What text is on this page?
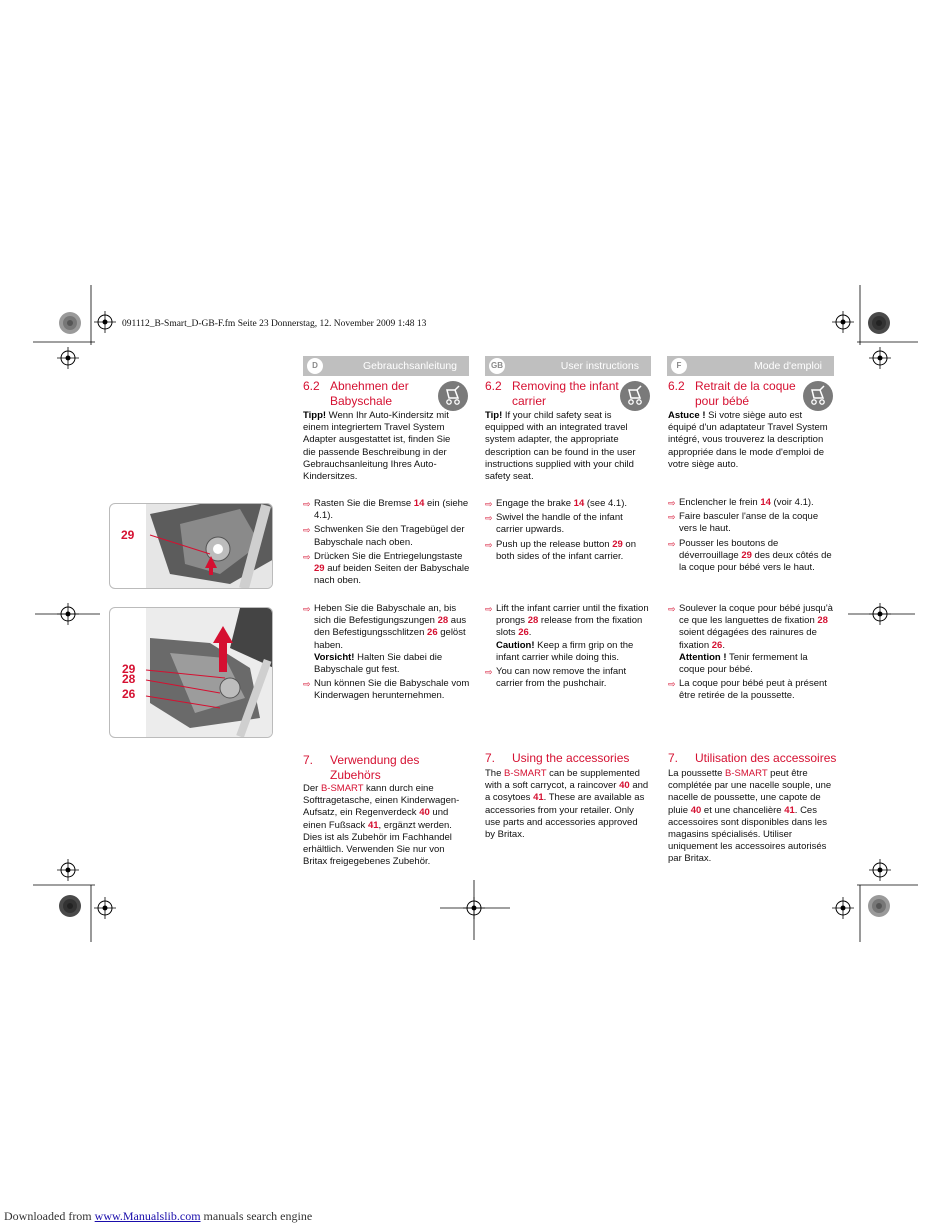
091112_B-Smart_D-GB-F.fm Seite 23 Donnerstag, 12. November 2009 1:48 13
29
29
28
26
Gebrauchsanleitung
D
6.2 Abnehmen der Babyschale
Tipp! Wenn Ihr Auto-Kindersitz mit einem integriertem Travel System Adapter ausgestattet ist, finden Sie die passende Beschreibung in der Gebrauchsanleitung Ihres Auto-Kindersitzes.
⇨ Rasten Sie die Bremse 14 ein (siehe 4.1).
⇨ Schwenken Sie den Tragebügel der Babyschale nach oben.
⇨ Drücken Sie die Entriegelungstaste 29 auf beiden Seiten der Babyschale nach oben.
⇨ Heben Sie die Babyschale an, bis sich die Befestigungszungen 28 aus den Befestigungsschlitzen 26 gelöst haben.
Vorsicht! Halten Sie dabei die Babyschale gut fest.
⇨ Nun können Sie die Babyschale vom Kinderwagen herunternehmen.
7.	Verwendung des Zubehörs
Der B-SMART kann durch eine Softtragetasche, einen Kinderwagen-Aufsatz, ein Regenverdeck 40 und einen Fußsack 41, ergänzt werden. Dies ist als Zubehör im Fachhandel erhältlich. Verwenden Sie nur von Britax freigegebenes Zubehör.
User instructions
GB
6.2 Removing the infant carrier
Tip! If your child safety seat is equipped with an integrated travel system adapter, the appropriate description can be found in the user instructions supplied with your child safety seat.
⇨ Engage the brake 14 (see 4.1).
⇨ Swivel the handle of the infant carrier upwards.
⇨ Push up the release button 29 on both sides of the infant carrier.
⇨ Lift the infant carrier until the fixation prongs 28 release from the fixation slots 26.
Caution! Keep a firm grip on the infant carrier while doing this.
⇨ You can now remove the infant carrier from the pushchair.
7.	Using the accessories
The B-SMART can be supplemented with a soft carrycot, a raincover 40 and a cosytoes 41. These are available as accessories from your retailer. Only use parts and accessories approved by Britax.
Mode d'emploi
F
6.2 Retrait de la coque pour bébé
Astuce ! Si votre siège auto est équipé d'un adaptateur Travel System intégré, vous trouverez la description appropriée dans le mode d'emploi de votre siège auto.
⇨ Enclencher le frein 14 (voir 4.1).
⇨ Faire basculer l'anse de la coque vers le haut.
⇨ Pousser les boutons de déverrouillage 29 des deux côtés de la coque pour bébé vers le haut.
⇨ Soulever la coque pour bébé jusqu'à ce que les languettes de fixation 28 soient dégagées des rainures de fixation 26.
Attention ! Tenir fermement la coque pour bébé.
⇨ La coque pour bébé peut à présent être retirée de la poussette.
7.	Utilisation des accessoires
La poussette B-SMART peut être complétée par une nacelle souple, une nacelle de poussette, une capote de pluie 40 et une chancelière 41. Ces accessoires sont disponibles dans les magasins spécialisés. Utiliser uniquement les accessoires autorisés par Britax.
Downloaded from www.Manualslib.com manuals search engine
